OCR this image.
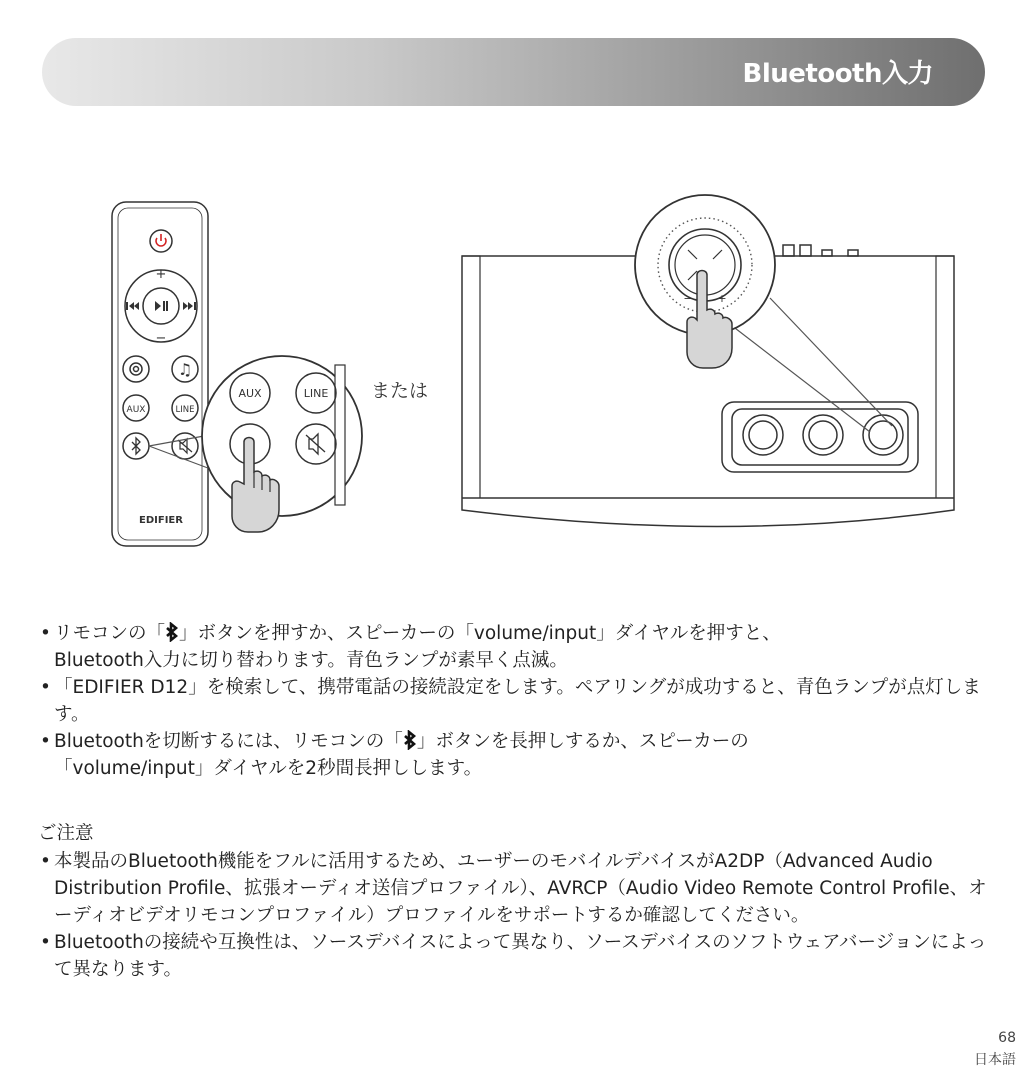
Bluetooth入力
+
−
♫
AUX	LINE
EDIFIER
AUX	LINE
− +
または
• リモコンの「 」ボタンを押すか、スピーカーの「volume/input」ダイヤルを押すと、
Bluetooth入力に切り替わります。青色ランプが素早く点滅。
• 「EDIFIER D12」を検索して、携帯電話の接続設定をします。ペアリングが成功すると、青色ランプが点灯します。
• Bluetoothを切断するには、リモコンの「 」ボタンを長押しするか、スピーカーの
「volume/input」ダイヤルを2秒間長押しします。
ご注意
• 本製品のBluetooth機能をフルに活用するため、ユーザーのモバイルデバイスがA2DP（Advanced Audio Distribution Profile、拡張オーディオ送信プロファイル）、AVRCP（Audio Video Remote Control Profile、オーディオビデオリモコンプロファイル）プロファイルをサポートするか確認してください。
• Bluetoothの接続や互換性は、ソースデバイスによって異なり、ソースデバイスのソフトウェアバージョンによって異なります。
68
日本語
